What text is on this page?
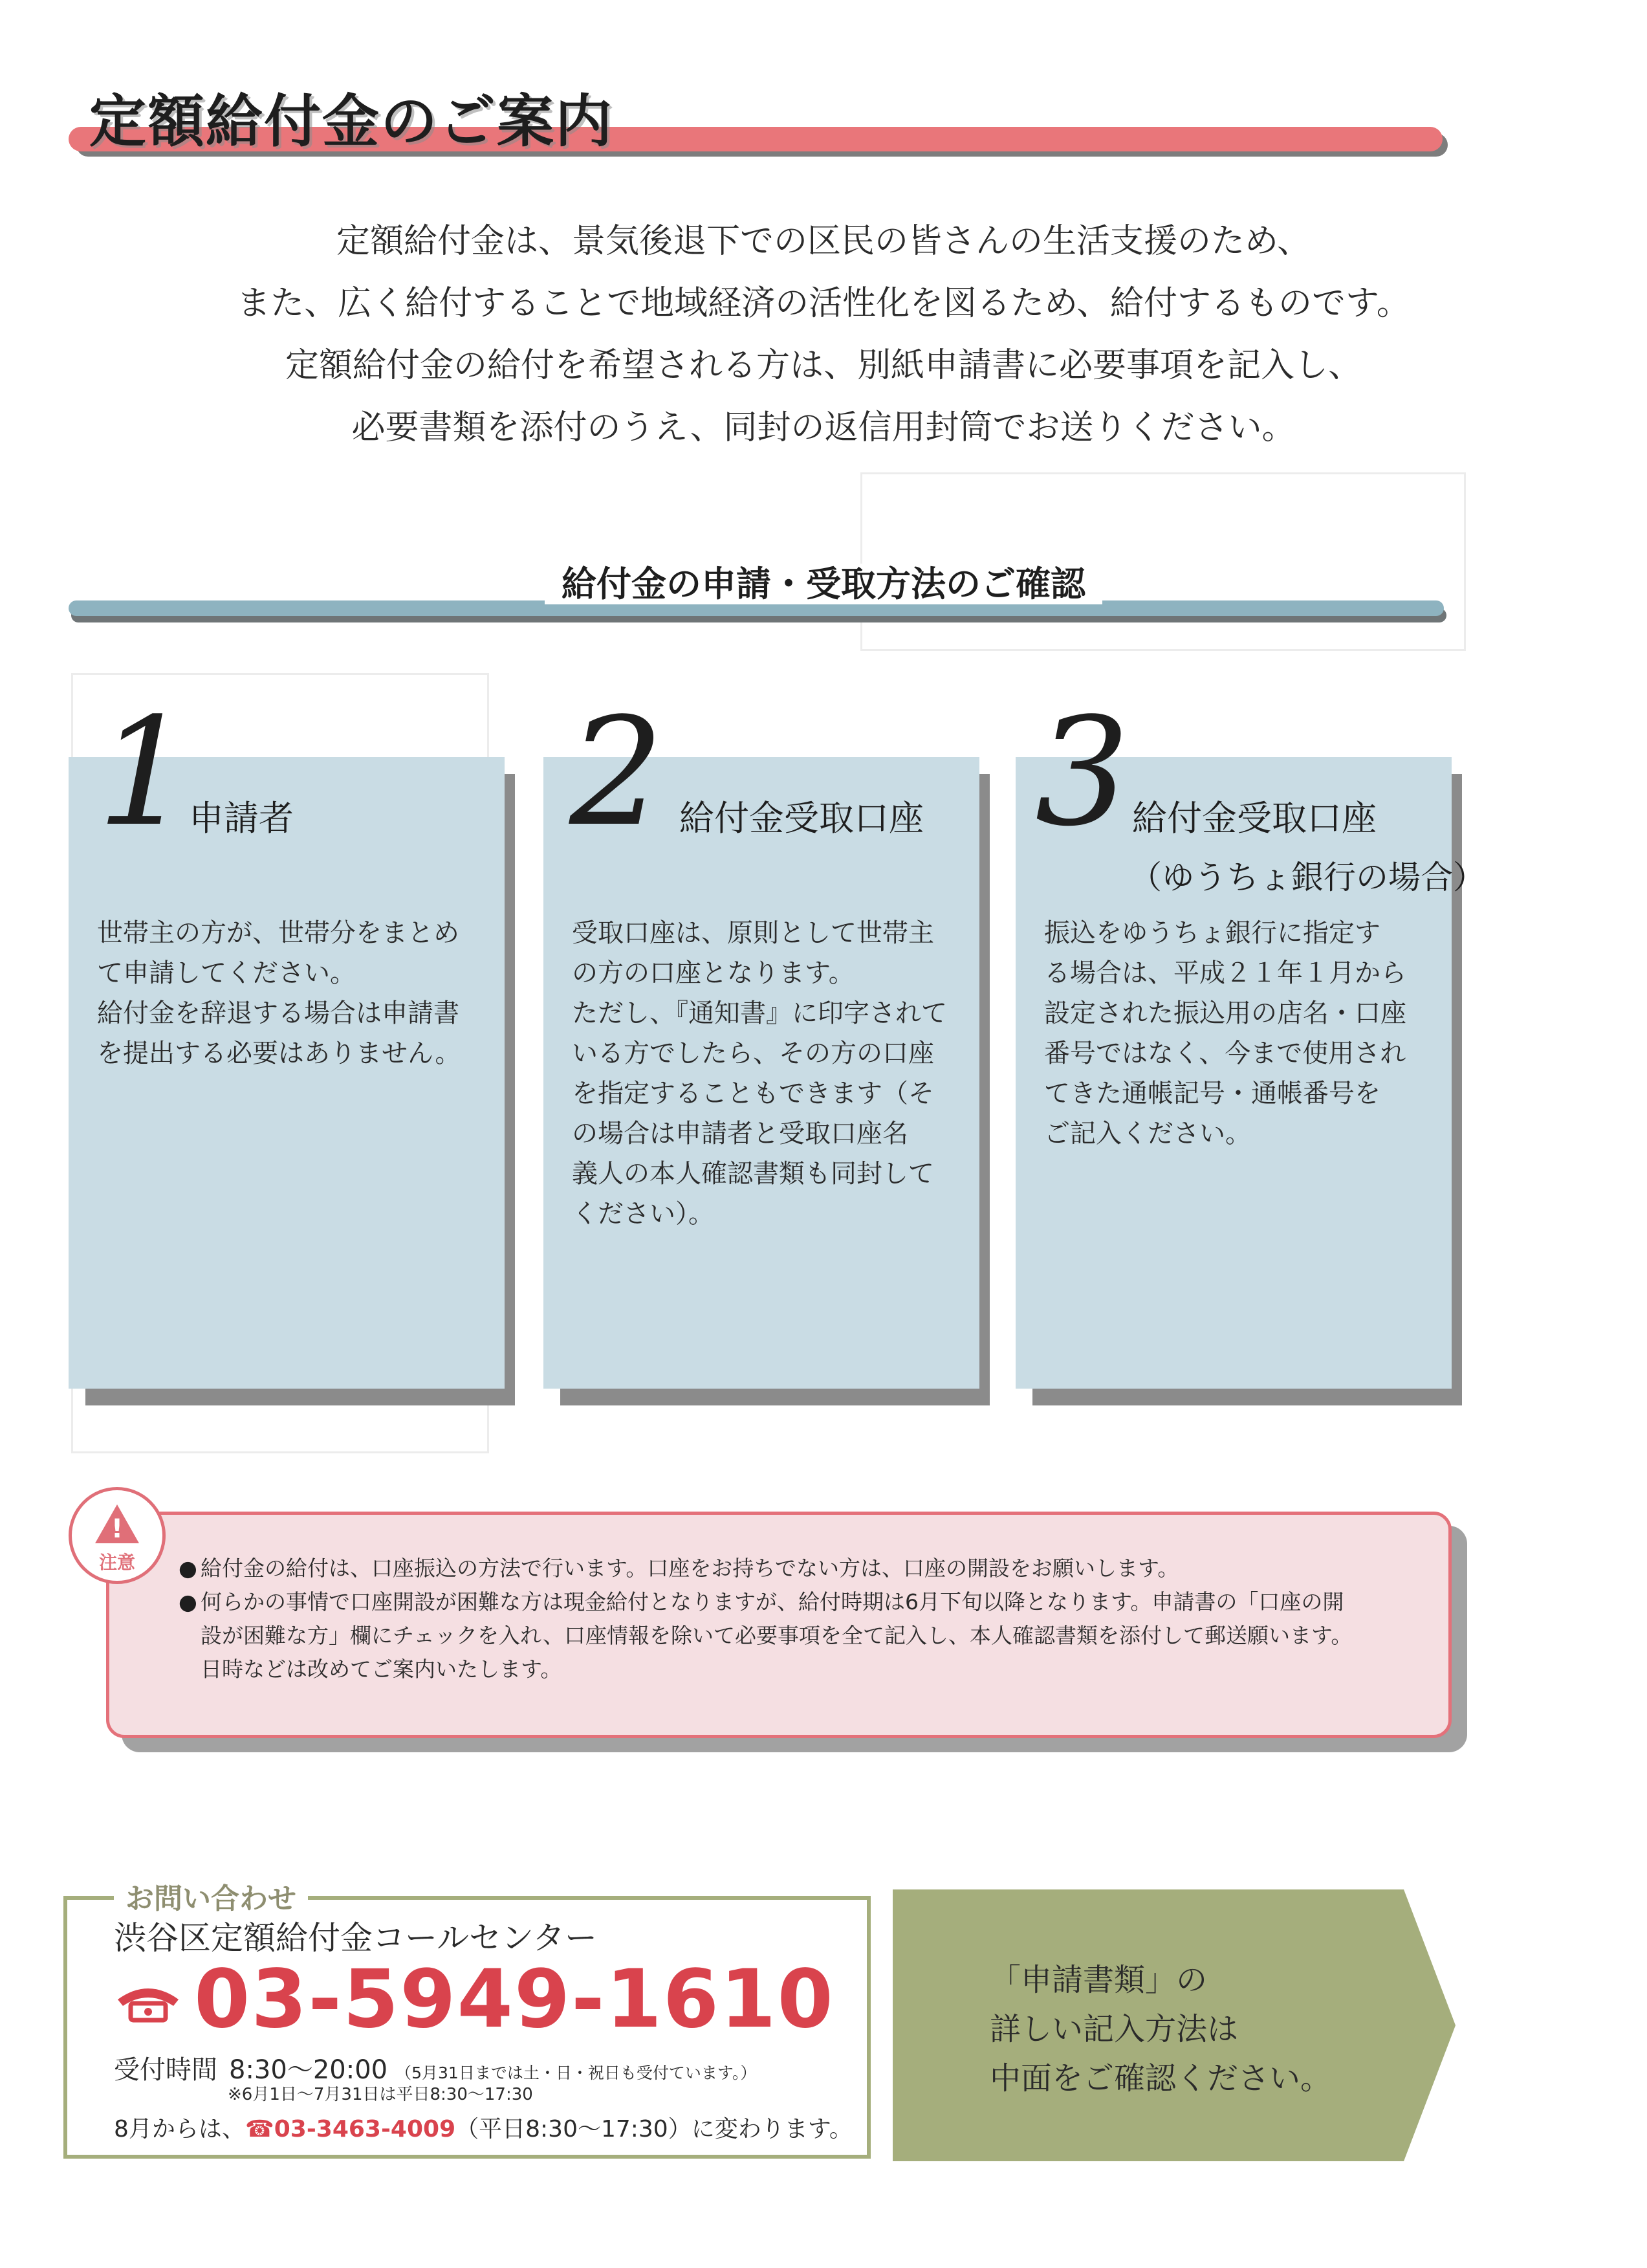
定額給付金のご案内
定額給付金は、景気後退下での区民の皆さんの生活支援のため、
また、広く給付することで地域経済の活性化を図るため、給付するものです。
定額給付金の給付を希望される方は、別紙申請書に必要事項を記入し、
必要書類を添付のうえ、同封の返信用封筒でお送りください。
給付金の申請・受取方法のご確認
1
申請者
世帯主の方が、世帯分をまとめ
て申請してください。
給付金を辞退する場合は申請書
を提出する必要はありません。
2 給付金受取口座
受取口座は、原則として世帯主
の方の口座となります。
ただし、『通知書』に印字されて
いる方でしたら、その方の口座
を指定することもできます（そ
の場合は申請者と受取口座名
義人の本人確認書類も同封して
ください）。
3 給付金受取口座
（ゆうちょ銀行の場合）
振込をゆうちょ銀行に指定す
る場合は、平成２１年１月から
設定された振込用の店名・口座
番号ではなく、今まで使用され
てきた通帳記号・通帳番号を
ご記入ください。
!
注意	● 給付金の給付は、口座振込の方法で行います。口座をお持ちでない方は、口座の開設をお願いします。
● 何らかの事情で口座開設が困難な方は現金給付となりますが、給付時期は6月下旬以降となります。申請書の「口座の開
設が困難な方」欄にチェックを入れ、口座情報を除いて必要事項を全て記入し、本人確認書類を添付して郵送願います。
日時などは改めてご案内いたします。
お問い合わせ
渋谷区定額給付金コールセンター
03-5949-1610
受付時間 8:30〜20:00 （5月31日までは土・日・祝日も受付ています。）
※6月1日〜7月31日は平日8:30〜17:30
8月からは、☎03-3463-4009（平日8:30〜17:30）に変わります。
「申請書類」の
詳しい記入方法は
中面をご確認ください。
